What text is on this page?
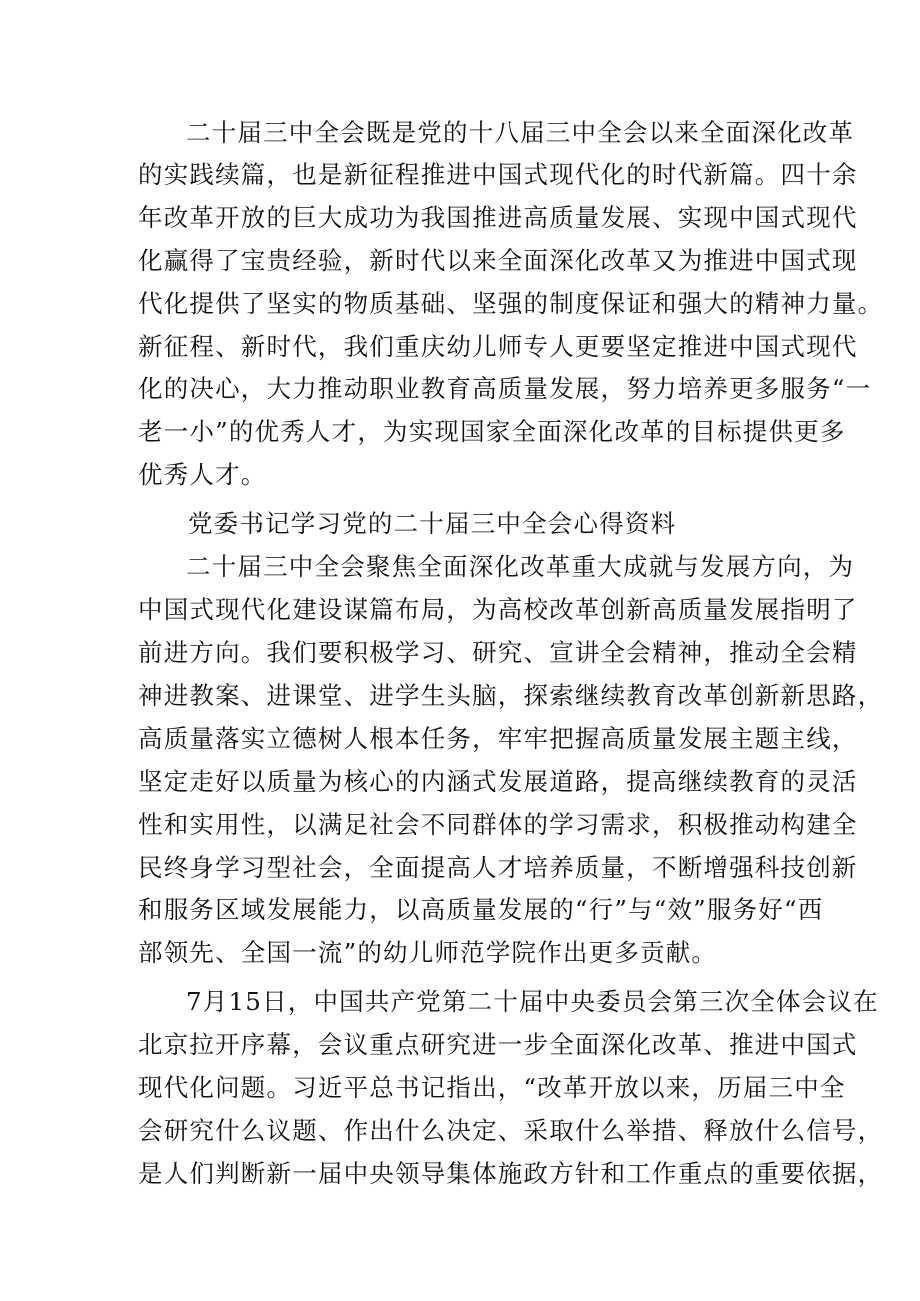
二十届三中全会既是党的十八届三中全会以来全面深化改革
的实践续篇，也是新征程推进中国式现代化的时代新篇。四十余
年改革开放的巨大成功为我国推进高质量发展、实现中国式现代
化赢得了宝贵经验，新时代以来全面深化改革又为推进中国式现
代化提供了坚实的物质基础、坚强的制度保证和强大的精神力量。
新征程、新时代，我们重庆幼儿师专人更要坚定推进中国式现代
化的决心，大力推动职业教育高质量发展，努力培养更多服务“一
老一小”的优秀人才，为实现国家全面深化改革的目标提供更多
优秀人才。
党委书记学习党的二十届三中全会心得资料
二十届三中全会聚焦全面深化改革重大成就与发展方向，为
中国式现代化建设谋篇布局，为高校改革创新高质量发展指明了
前进方向。我们要积极学习、研究、宣讲全会精神，推动全会精
神进教案、进课堂、进学生头脑，探索继续教育改革创新新思路，
高质量落实立德树人根本任务，牢牢把握高质量发展主题主线，
坚定走好以质量为核心的内涵式发展道路，提高继续教育的灵活
性和实用性，以满足社会不同群体的学习需求，积极推动构建全
民终身学习型社会，全面提高人才培养质量，不断增强科技创新
和服务区域发展能力，以高质量发展的“行”与“效”服务好“西
部领先、全国一流”的幼儿师范学院作出更多贡献。
7月15日，中国共产党第二十届中央委员会第三次全体会议在
北京拉开序幕，会议重点研究进一步全面深化改革、推进中国式
现代化问题。习近平总书记指出，“改革开放以来，历届三中全
会研究什么议题、作出什么决定、采取什么举措、释放什么信号，
是人们判断新一届中央领导集体施政方针和工作重点的重要依据，
